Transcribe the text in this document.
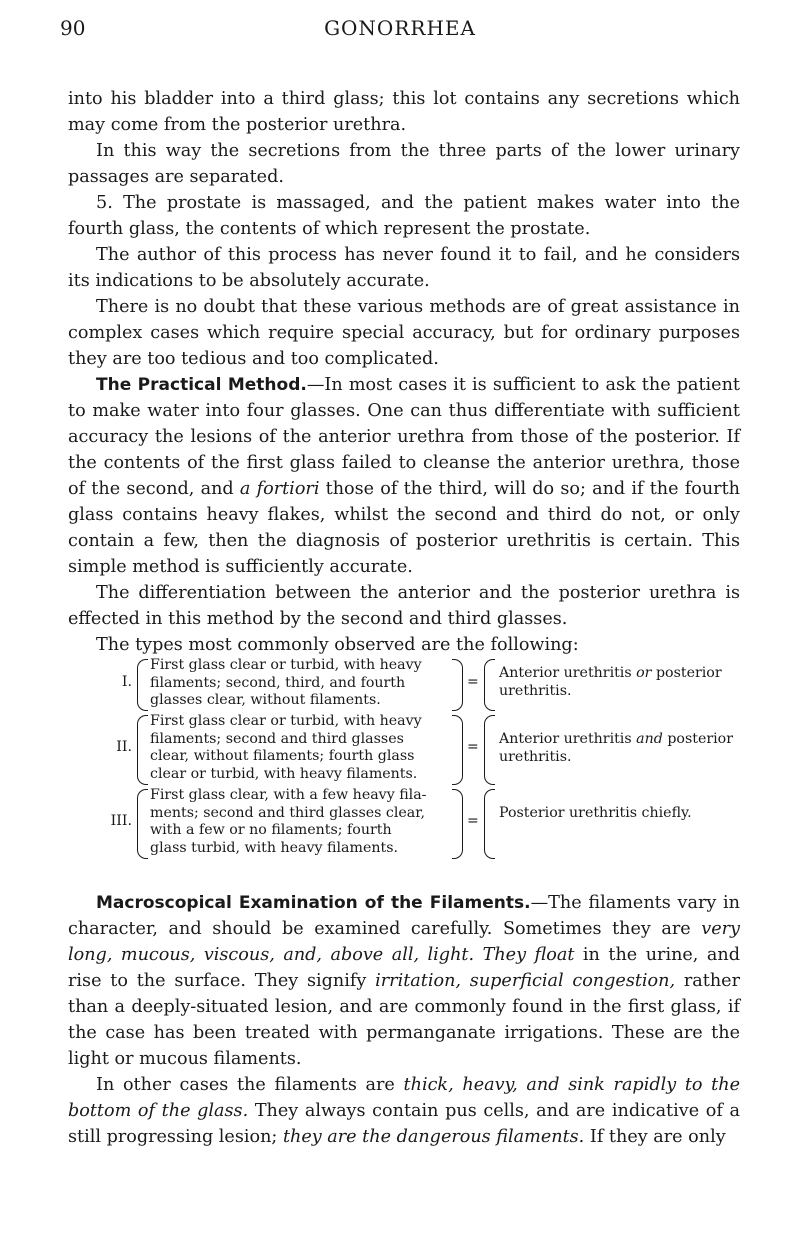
90	GONORRHEA

into his bladder into a third glass; this lot contains any secretions which may come from the posterior urethra.

In this way the secretions from the three parts of the lower urinary passages are separated.

5. The prostate is massaged, and the patient makes water into the fourth glass, the contents of which represent the prostate.

The author of this process has never found it to fail, and he considers its indications to be absolutely accurate.

There is no doubt that these various methods are of great assistance in complex cases which require special accuracy, but for ordinary purposes they are too tedious and too complicated.

The Practical Method.—In most cases it is sufficient to ask the patient to make water into four glasses. One can thus differentiate with sufficient accuracy the lesions of the anterior urethra from those of the posterior. If the contents of the first glass failed to cleanse the anterior urethra, those of the second, and a fortiori those of the third, will do so; and if the fourth glass contains heavy flakes, whilst the second and third do not, or only contain a few, then the diagnosis of posterior urethritis is certain. This simple method is sufficiently accurate.

The differentiation between the anterior and the posterior urethra is effected in this method by the second and third glasses.

The types most commonly observed are the following:

I.
First glass clear or turbid, with heavy
filaments; second, third, and fourth
glasses clear, without filaments.
=
Anterior urethritis or posterior urethritis.
II.
First glass clear or turbid, with heavy
filaments; second and third glasses
clear, without filaments; fourth glass
clear or turbid, with heavy filaments.
= Anterior urethritis and posterior urethritis.
III.
First glass clear, with a few heavy fila-
ments; second and third glasses clear,
with a few or no filaments; fourth
glass turbid, with heavy filaments.
= Posterior urethritis chiefly.

Macroscopical Examination of the Filaments.—The filaments vary in character, and should be examined carefully. Sometimes they are very long, mucous, viscous, and, above all, light. They float in the urine, and rise to the surface. They signify irritation, superficial congestion, rather than a deeply-situated lesion, and are commonly found in the first glass, if the case has been treated with permanganate irrigations. These are the light or mucous filaments.

In other cases the filaments are thick, heavy, and sink rapidly to the bottom of the glass. They always contain pus cells, and are indicative of a still progressing lesion; they are the dangerous filaments. If they are only
